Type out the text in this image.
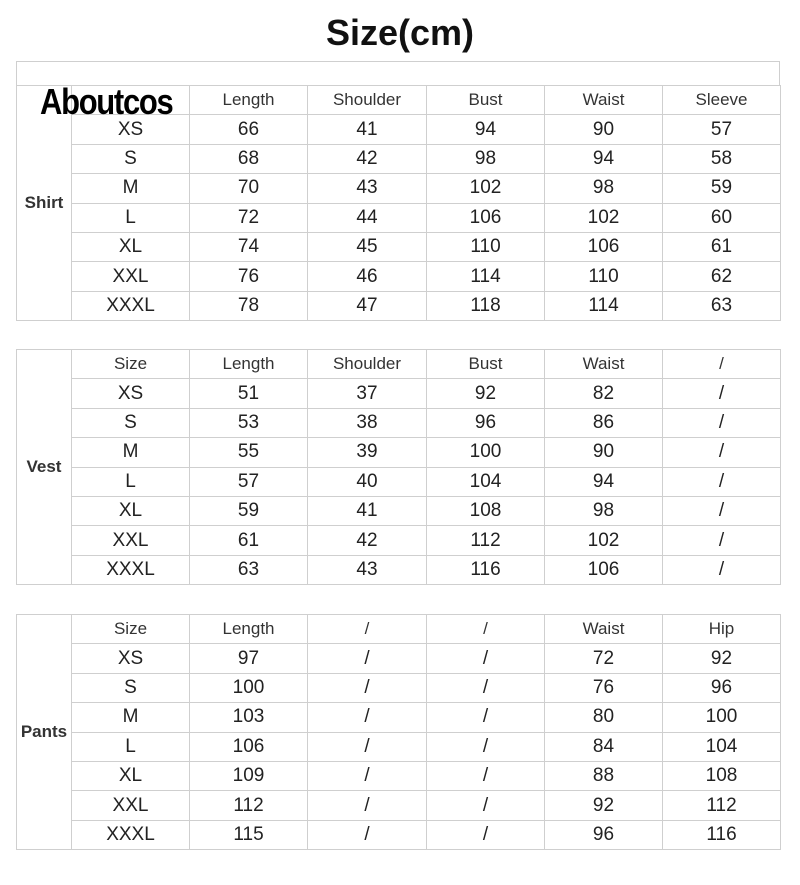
Size(cm)
Aboutcos
Shirt		Length	Shoulder	Bust	Waist	Sleeve
	XS	66	41	94	90	57
	S	68	42	98	94	58
	M	70	43	102	98	59
	L	72	44	106	102	60
	XL	74	45	110	106	61
	XXL	76	46	114	110	62
	XXXL	78	47	118	114	63
Vest	Size	Length	Shoulder	Bust	Waist	/
	XS	51	37	92	82	/
	S	53	38	96	86	/
	M	55	39	100	90	/
	L	57	40	104	94	/
	XL	59	41	108	98	/
	XXL	61	42	112	102	/
	XXXL	63	43	116	106	/
Pants	Size	Length	/	/	Waist	Hip
	XS	97	/	/	72	92
	S	100	/	/	76	96
	M	103	/	/	80	100
	L	106	/	/	84	104
	XL	109	/	/	88	108
	XXL	112	/	/	92	112
	XXXL	115	/	/	96	116
